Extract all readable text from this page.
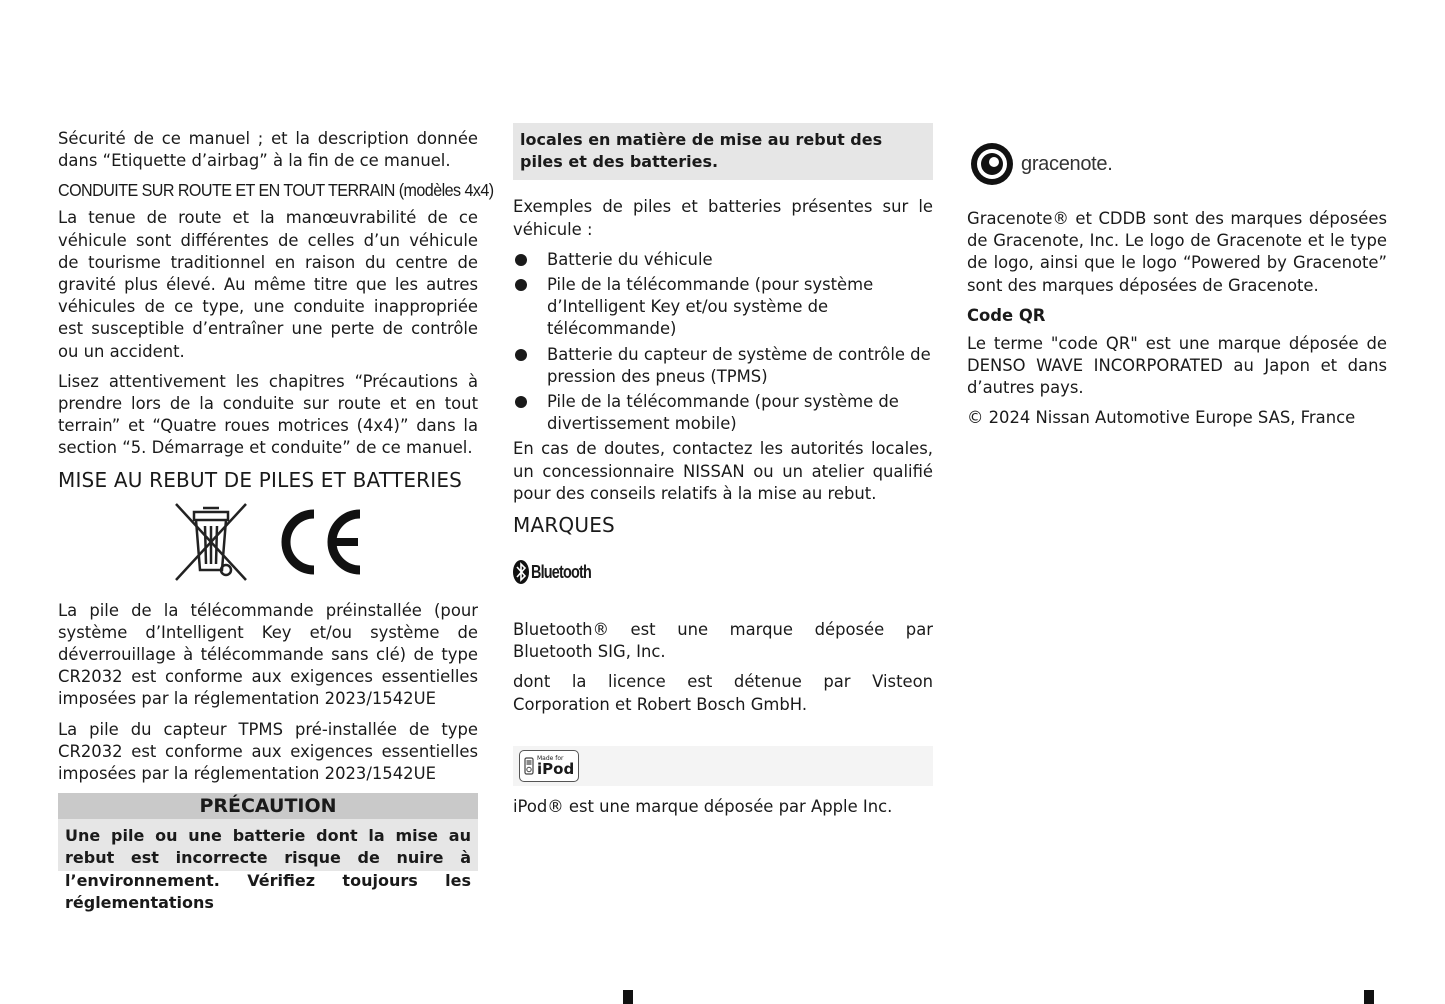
Sécurité de ce manuel ; et la description donnée dans “Etiquette d’airbag” à la fin de ce manuel.

CONDUITE SUR ROUTE ET EN TOUT TERRAIN (modèles 4x4)

La tenue de route et la manœuvrabilité de ce véhicule sont différentes de celles d’un véhicule de tourisme traditionnel en raison du centre de gravité plus élevé. Au même titre que les autres véhicules de ce type, une conduite inappropriée est susceptible d’entraîner une perte de contrôle ou un accident.

Lisez attentivement les chapitres “Précautions à prendre lors de la conduite sur route et en tout terrain” et “Quatre roues motrices (4x4)” dans la section “5. Démarrage et conduite” de ce manuel.

MISE AU REBUT DE PILES ET BATTERIES

La pile de la télécommande préinstallée (pour système d’Intelligent Key et/ou système de déverrouillage à télécommande sans clé) de type CR2032 est conforme aux exigences essentielles imposées par la réglementation 2023/1542UE

La pile du capteur TPMS pré-installée de type CR2032 est conforme aux exigences essentielles imposées par la réglementation 2023/1542UE

PRÉCAUTION
Une pile ou une batterie dont la mise au rebut est incorrecte risque de nuire à l’environnement. Vérifiez toujours les réglementations
locales en matière de mise au rebut des piles et des batteries.

Exemples de piles et batteries présentes sur le véhicule :

Batterie du véhicule
Pile de la télécommande (pour système d’Intelligent Key et/ou système de télécommande)
Batterie du capteur de système de contrôle de pression des pneus (TPMS)
Pile de la télécommande (pour système de divertissement mobile)

En cas de doutes, contactez les autorités locales, un concessionnaire NISSAN ou un atelier qualifié pour des conseils relatifs à la mise au rebut.

MARQUES
Bluetooth

Bluetooth® est une marque déposée par Bluetooth SIG, Inc.

dont la licence est détenue par Visteon Corporation et Robert Bosch GmbH.

Made for
iPod

iPod® est une marque déposée par Apple Inc.

gracenote.

Gracenote® et CDDB sont des marques déposées de Gracenote, Inc. Le logo de Gracenote et le type de logo, ainsi que le logo “Powered by Gracenote” sont des marques déposées de Gracenote.

Code QR

Le terme "code QR" est une marque déposée de DENSO WAVE INCORPORATED au Japon et dans d’autres pays.

© 2024 Nissan Automotive Europe SAS, France
